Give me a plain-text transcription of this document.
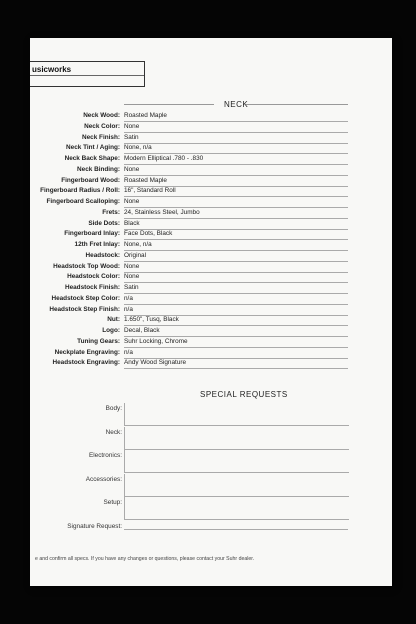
usicworks
NECK
Neck Wood: Roasted Maple
Neck Color: None
Neck Finish: Satin
Neck Tint / Aging: None, n/a
Neck Back Shape: Modern Elliptical .780 - .830
Neck Binding: None
Fingerboard Wood: Roasted Maple
Fingerboard Radius / Roll: 16", Standard Roll
Fingerboard Scalloping: None
Frets: 24, Stainless Steel, Jumbo
Side Dots: Black
Fingerboard Inlay: Face Dots, Black
12th Fret Inlay: None, n/a
Headstock: Original
Headstock Top Wood: None
Headstock Color: None
Headstock Finish: Satin
Headstock Step Color: n/a
Headstock Step Finish: n/a
Nut: 1.650", Tusq, Black
Logo: Decal, Black
Tuning Gears: Suhr Locking, Chrome
Neckplate Engraving: n/a
Headstock Engraving: Andy Wood Signature
SPECIAL REQUESTS
Body:
Neck:
Electronics:
Accessories:
Setup:
Signature Request:
e and confirm all specs. If you have any changes or questions, please contact your Suhr dealer.
